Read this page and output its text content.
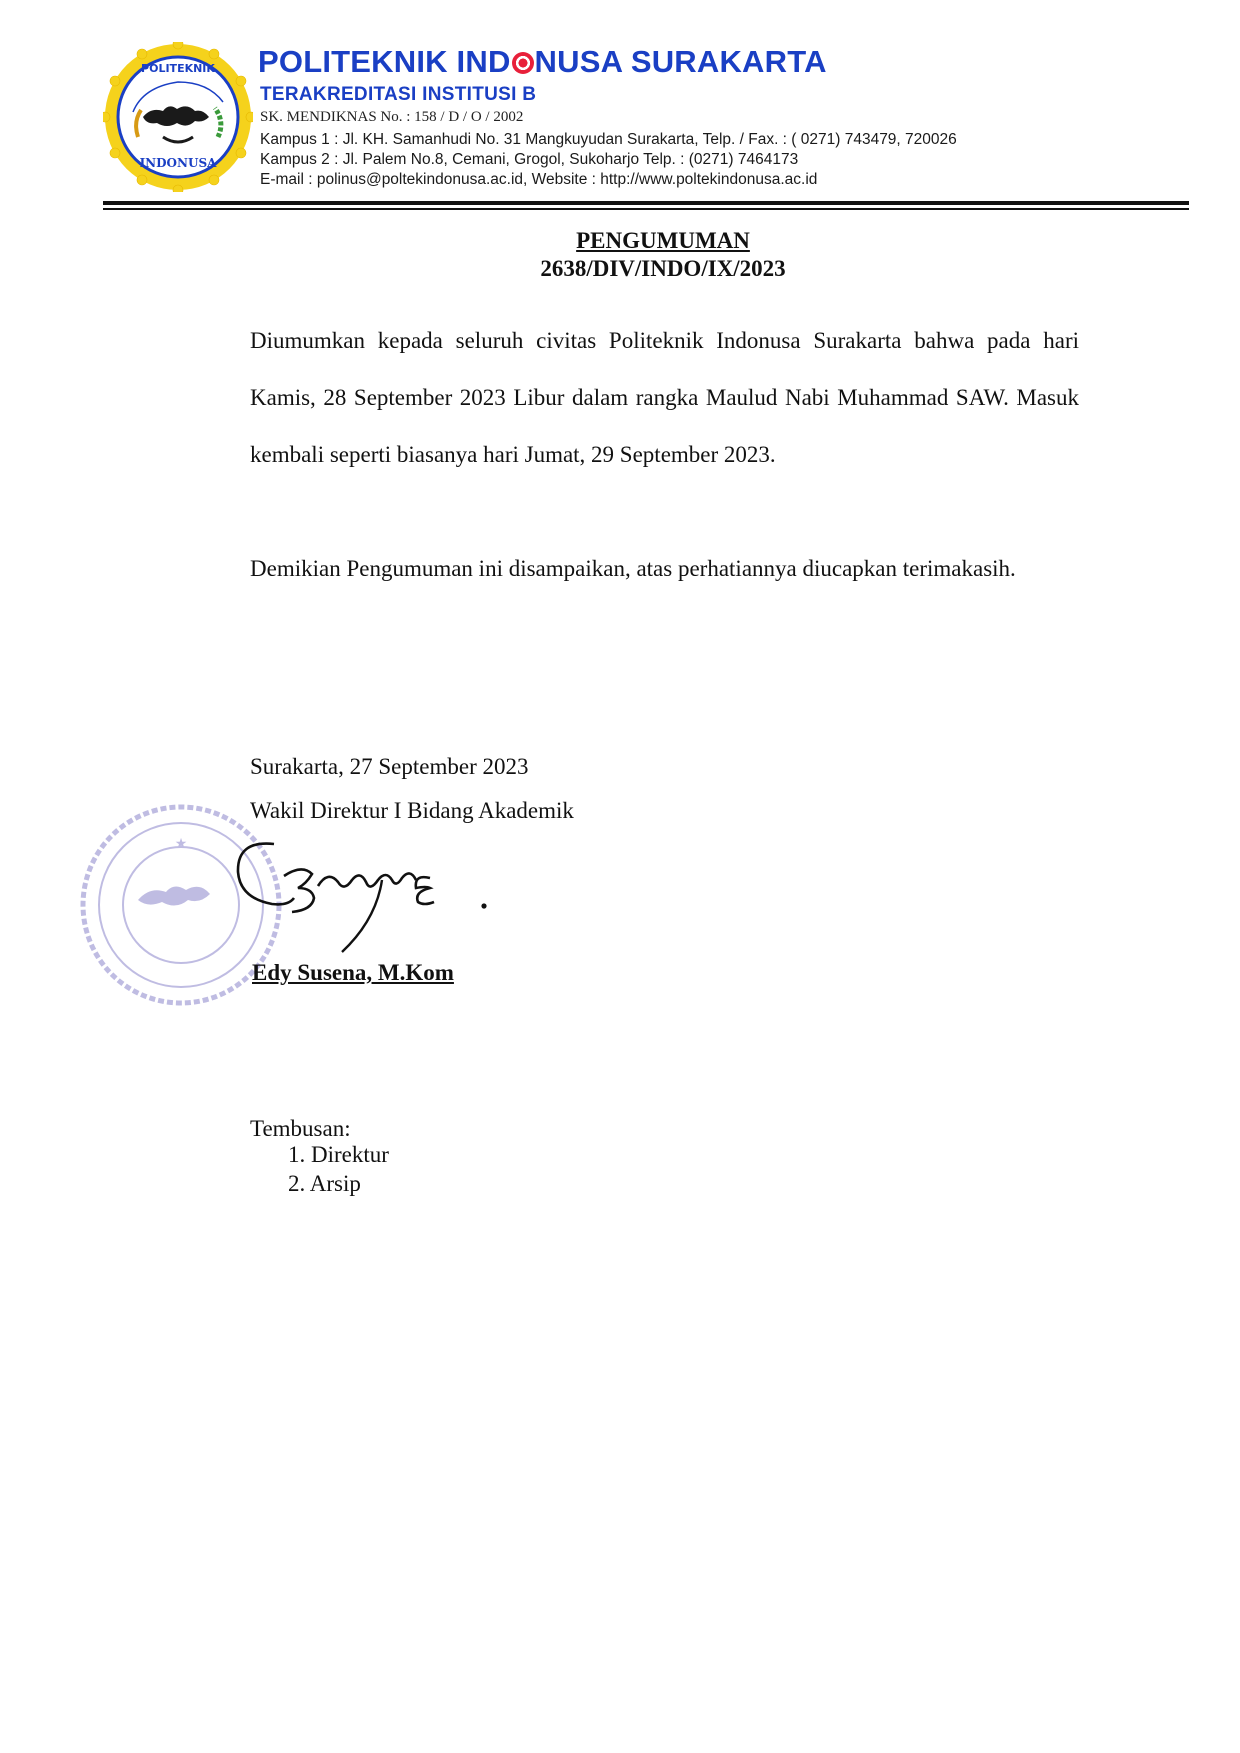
POLITEKNIK
INDONUSA
POLITEKNIK IND NUSA SURAKARTA
TERAKREDITASI INSTITUSI B
SK. MENDIKNAS No. : 158 / D / O / 2002
Kampus 1 : Jl. KH. Samanhudi No. 31 Mangkuyudan Surakarta, Telp. / Fax. : ( 0271) 743479, 720026
Kampus 2 : Jl. Palem No.8, Cemani, Grogol, Sukoharjo Telp. : (0271) 7464173
E-mail : polinus@poltekindonusa.ac.id, Website : http://www.poltekindonusa.ac.id
PENGUMUMAN
2638/DIV/INDO/IX/2023
Diumumkan kepada seluruh civitas Politeknik Indonusa Surakarta bahwa pada hari Kamis, 28 September 2023 Libur dalam rangka Maulud Nabi Muhammad SAW. Masuk kembali seperti biasanya hari Jumat, 29 September 2023.
Demikian Pengumuman ini disampaikan, atas perhatiannya diucapkan terimakasih.
Surakarta, 27 September 2023
Wakil Direktur I Bidang Akademik
★
Edy Susena, M.Kom
Tembusan:
1. Direktur
2. Arsip
